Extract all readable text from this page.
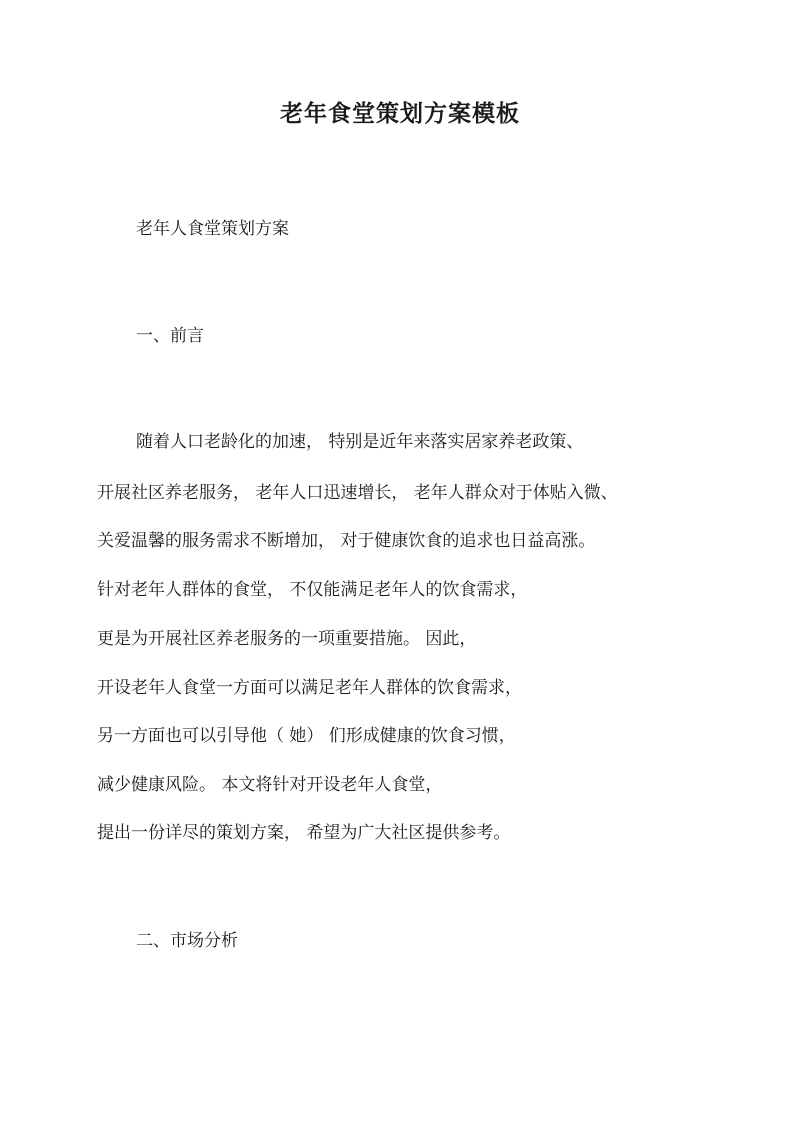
老年食堂策划方案模板
老年人食堂策划方案
一、前言
随着人口老龄化的加速， 特别是近年来落实居家养老政策、
开展社区养老服务， 老年人口迅速增长， 老年人群众对于体贴入微、
关爱温馨的服务需求不断增加， 对于健康饮食的追求也日益高涨。
针对老年人群体的食堂， 不仅能满足老年人的饮食需求，
更是为开展社区养老服务的一项重要措施。 因此，
开设老年人食堂一方面可以满足老年人群体的饮食需求，
另一方面也可以引导他（ 她） 们形成健康的饮食习惯，
减少健康风险。 本文将针对开设老年人食堂，
提出一份详尽的策划方案， 希望为广大社区提供参考。
二、市场分析
